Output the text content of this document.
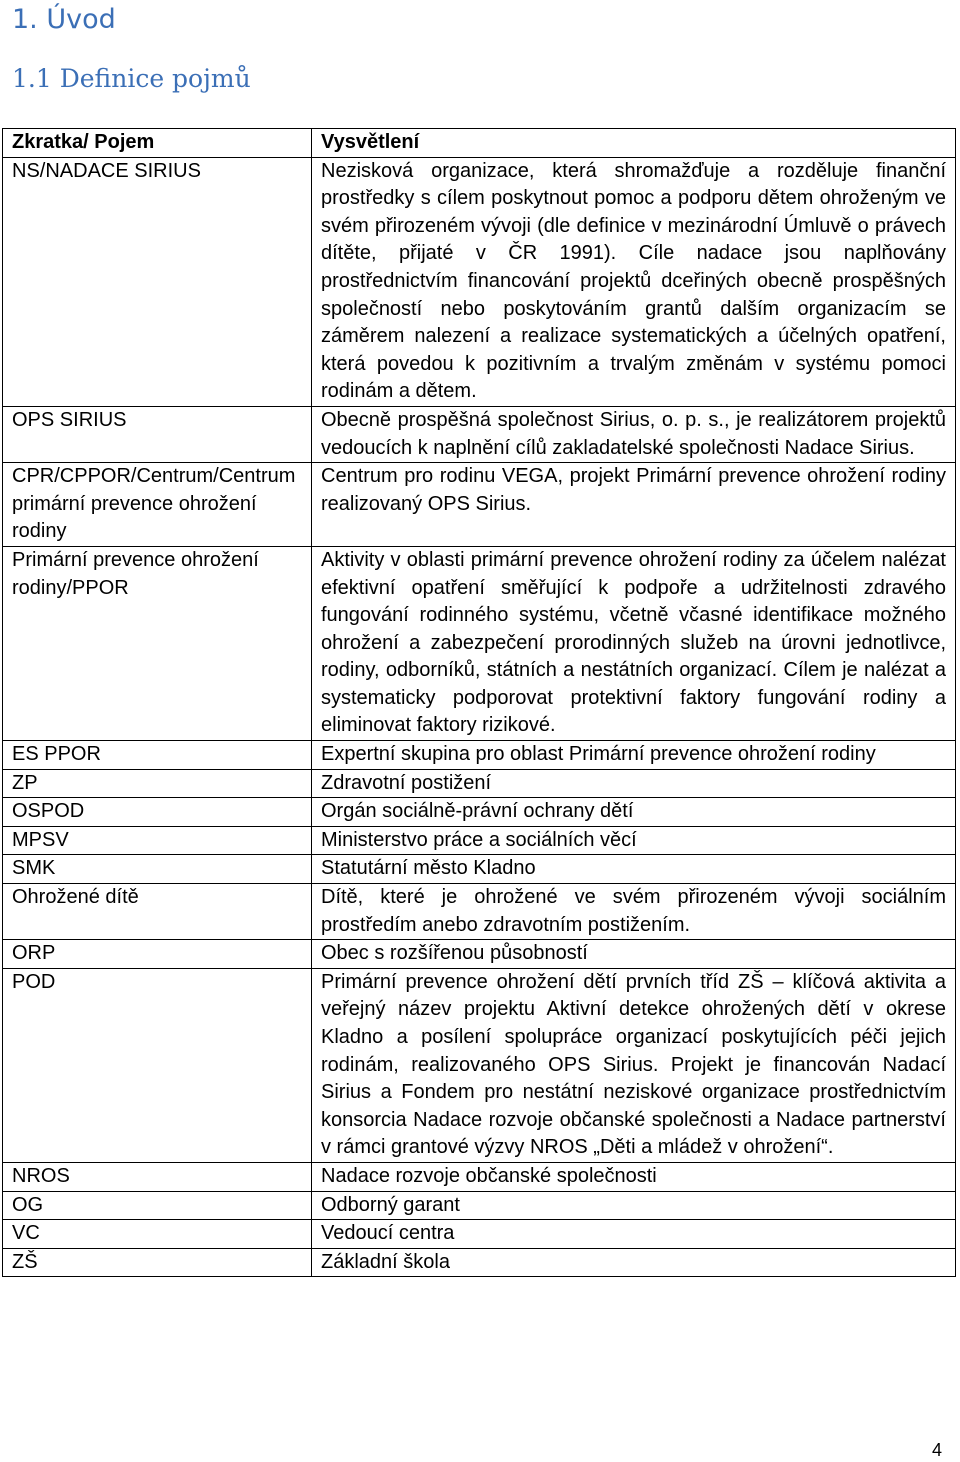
1. Úvod
1.1 Definice pojmů
Zkratka/ Pojem	Vysvětlení
NS/NADACE SIRIUS	Nezisková organizace, která shromažďuje a rozděluje finanční prostředky s cílem poskytnout pomoc a podporu dětem ohroženým ve svém přirozeném vývoji (dle definice v mezinárodní Úmluvě o právech dítěte, přijaté v ČR 1991). Cíle nadace jsou naplňovány prostřednictvím financování projektů dceřiných obecně prospěšných společností nebo poskytováním grantů dalším organizacím se záměrem nalezení a realizace systematických a účelných opatření, která povedou k pozitivním a trvalým změnám v systému pomoci rodinám a dětem.
OPS SIRIUS	Obecně prospěšná společnost Sirius, o. p. s., je realizátorem projektů vedoucích k naplnění cílů zakladatelské společnosti Nadace Sirius.
CPR/CPPOR/Centrum/Centrum primární prevence ohrožení rodiny	Centrum pro rodinu VEGA, projekt Primární prevence ohrožení rodiny realizovaný OPS Sirius.
Primární prevence ohrožení rodiny/PPOR	Aktivity v oblasti primární prevence ohrožení rodiny za účelem nalézat efektivní opatření směřující k podpoře a udržitelnosti zdravého fungování rodinného systému, včetně včasné identifikace možného ohrožení a zabezpečení prorodinných služeb na úrovni jednotlivce, rodiny, odborníků, státních a nestátních organizací. Cílem je nalézat a systematicky podporovat protektivní faktory fungování rodiny a eliminovat faktory rizikové.
ES PPOR	Expertní skupina pro oblast Primární prevence ohrožení rodiny
ZP	Zdravotní postižení
OSPOD	Orgán sociálně-právní ochrany dětí
MPSV	Ministerstvo práce a sociálních věcí
SMK	Statutární město Kladno
Ohrožené dítě	Dítě, které je ohrožené ve svém přirozeném vývoji sociálním prostředím anebo zdravotním postižením.
ORP	Obec s rozšířenou působností
POD	Primární prevence ohrožení dětí prvních tříd ZŠ – klíčová aktivita a veřejný název projektu Aktivní detekce ohrožených dětí v okrese Kladno a posílení spolupráce organizací poskytujících péči jejich rodinám, realizovaného OPS Sirius. Projekt je financován Nadací Sirius a Fondem pro nestátní neziskové organizace prostřednictvím konsorcia Nadace rozvoje občanské společnosti a Nadace partnerství v rámci grantové výzvy NROS „Děti a mládež v ohrožení“.
NROS	Nadace rozvoje občanské společnosti
OG	Odborný garant
VC	Vedoucí centra
ZŠ	Základní škola
4
